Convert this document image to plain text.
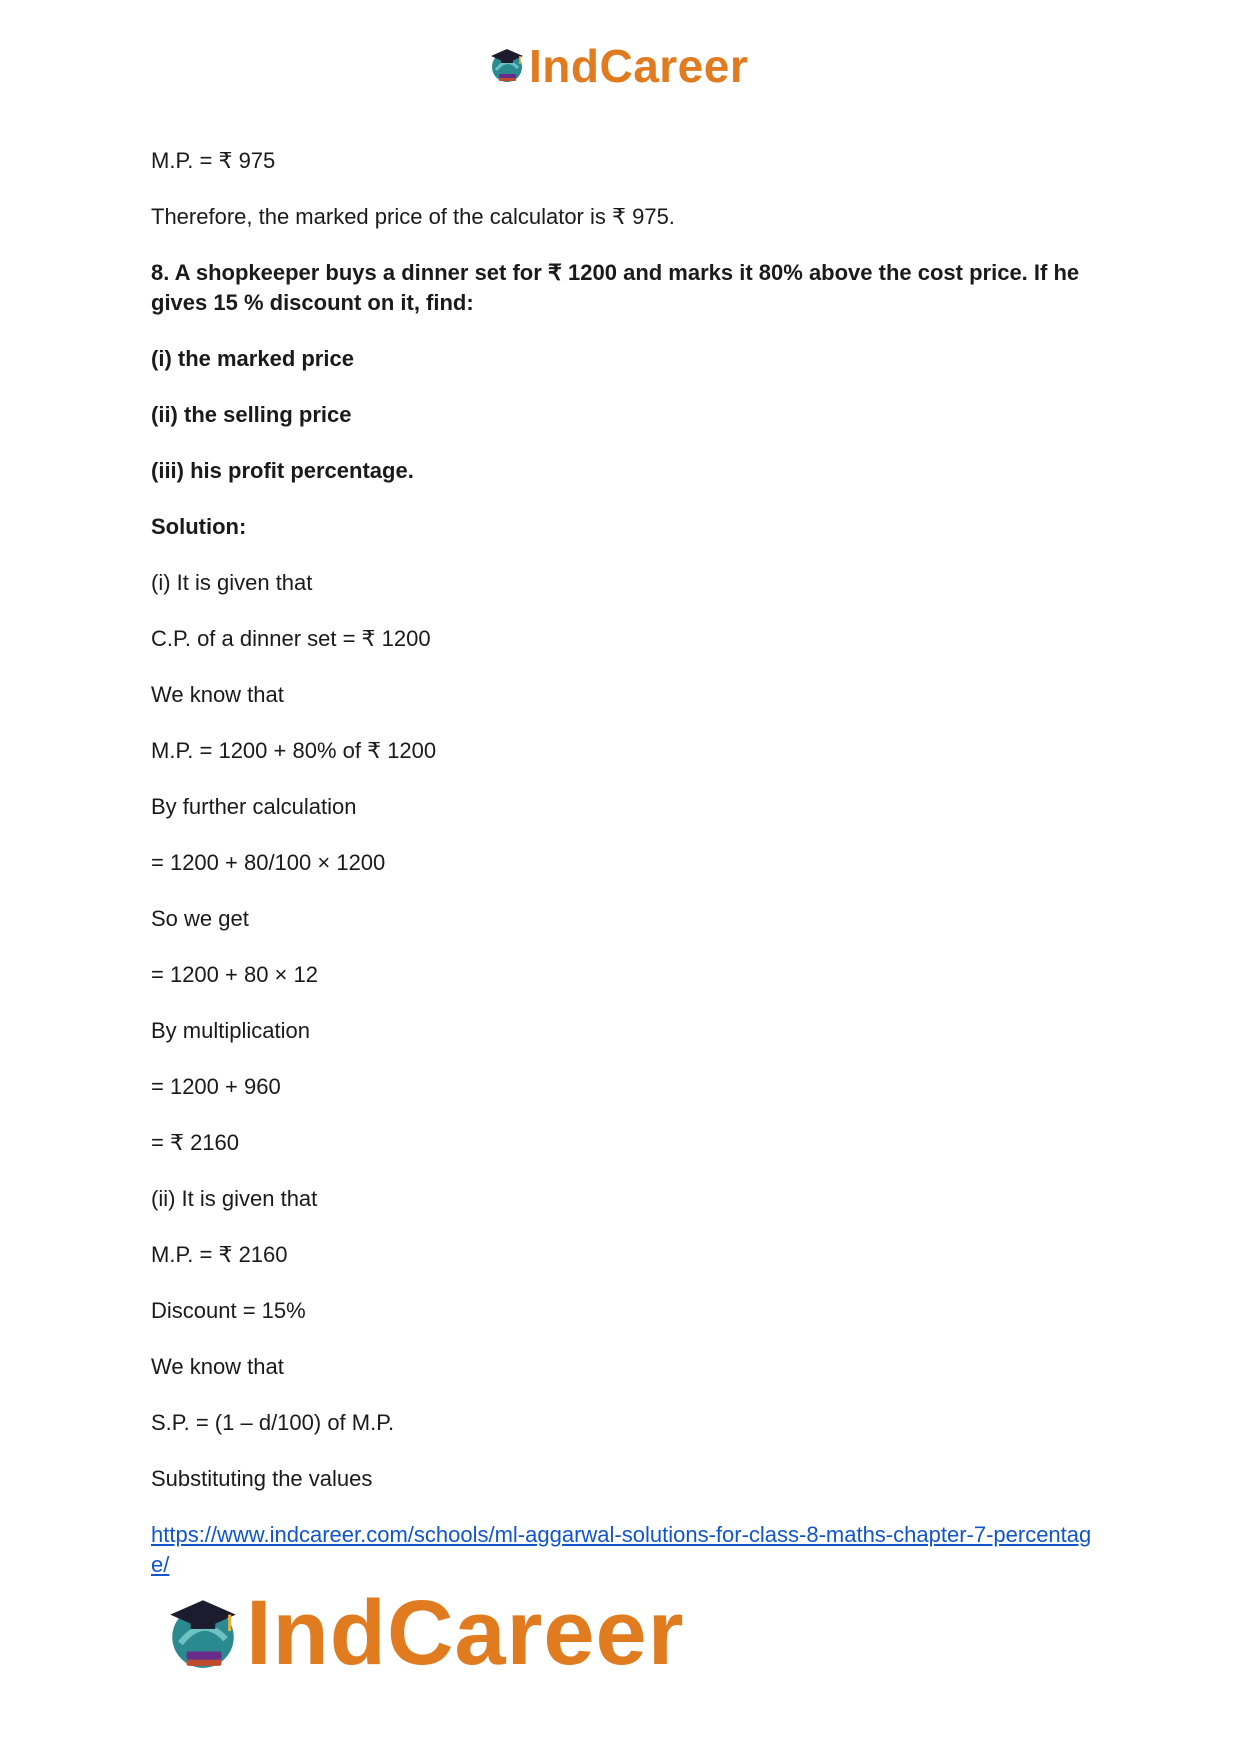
IndCareer

M.P. = ₹ 975

Therefore, the marked price of the calculator is ₹ 975.

8. A shopkeeper buys a dinner set for ₹ 1200 and marks it 80% above the cost price. If he gives 15 % discount on it, find:

(i) the marked price

(ii) the selling price

(iii) his profit percentage.

Solution:

(i) It is given that

C.P. of a dinner set = ₹ 1200

We know that

M.P. = 1200 + 80% of ₹ 1200

By further calculation

= 1200 + 80/100 × 1200

So we get

= 1200 + 80 × 12

By multiplication

= 1200 + 960

= ₹ 2160

(ii) It is given that

M.P. = ₹ 2160

Discount = 15%

We know that

S.P. = (1 – d/100) of M.P.

Substituting the values

https://www.indcareer.com/schools/ml-aggarwal-solutions-for-class-8-maths-chapter-7-percentage/
IndCareer
